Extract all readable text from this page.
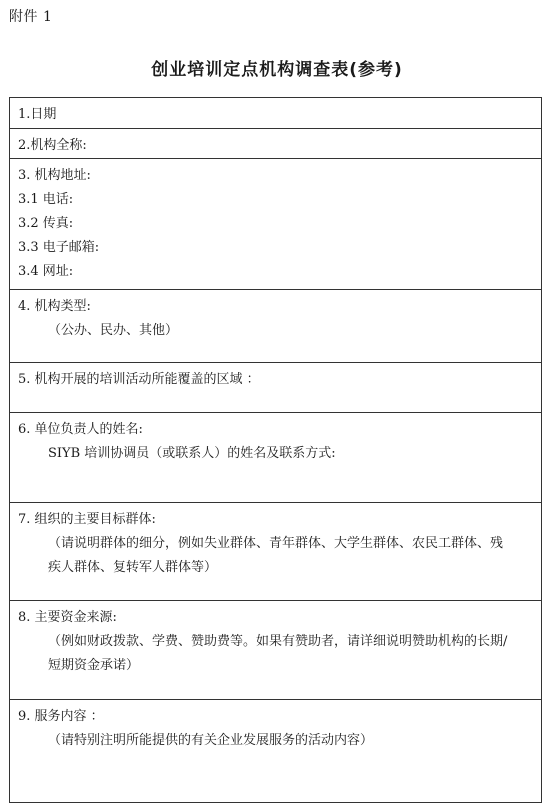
附件 1
创业培训定点机构调查表(参考)
1.日期
2.机构全称:
3. 机构地址:
3.1 电话:
3.2 传真:
3.3 电子邮箱:
3.4 网址:
4. 机构类型:
（公办、民办、其他）
5. 机构开展的培训活动所能覆盖的区域 ：
6. 单位负责人的姓名:
SIYB 培训协调员（或联系人）的姓名及联系方式:
7. 组织的主要目标群体:
（请说明群体的细分，例如失业群体、青年群体、大学生群体、农民工群体、残
疾人群体、复转军人群体等）
8. 主要资金来源:
（例如财政拨款、学费、赞助费等。如果有赞助者，请详细说明赞助机构的长期/
短期资金承诺）
9. 服务内容 ：
（请特别注明所能提供的有关企业发展服务的活动内容）
